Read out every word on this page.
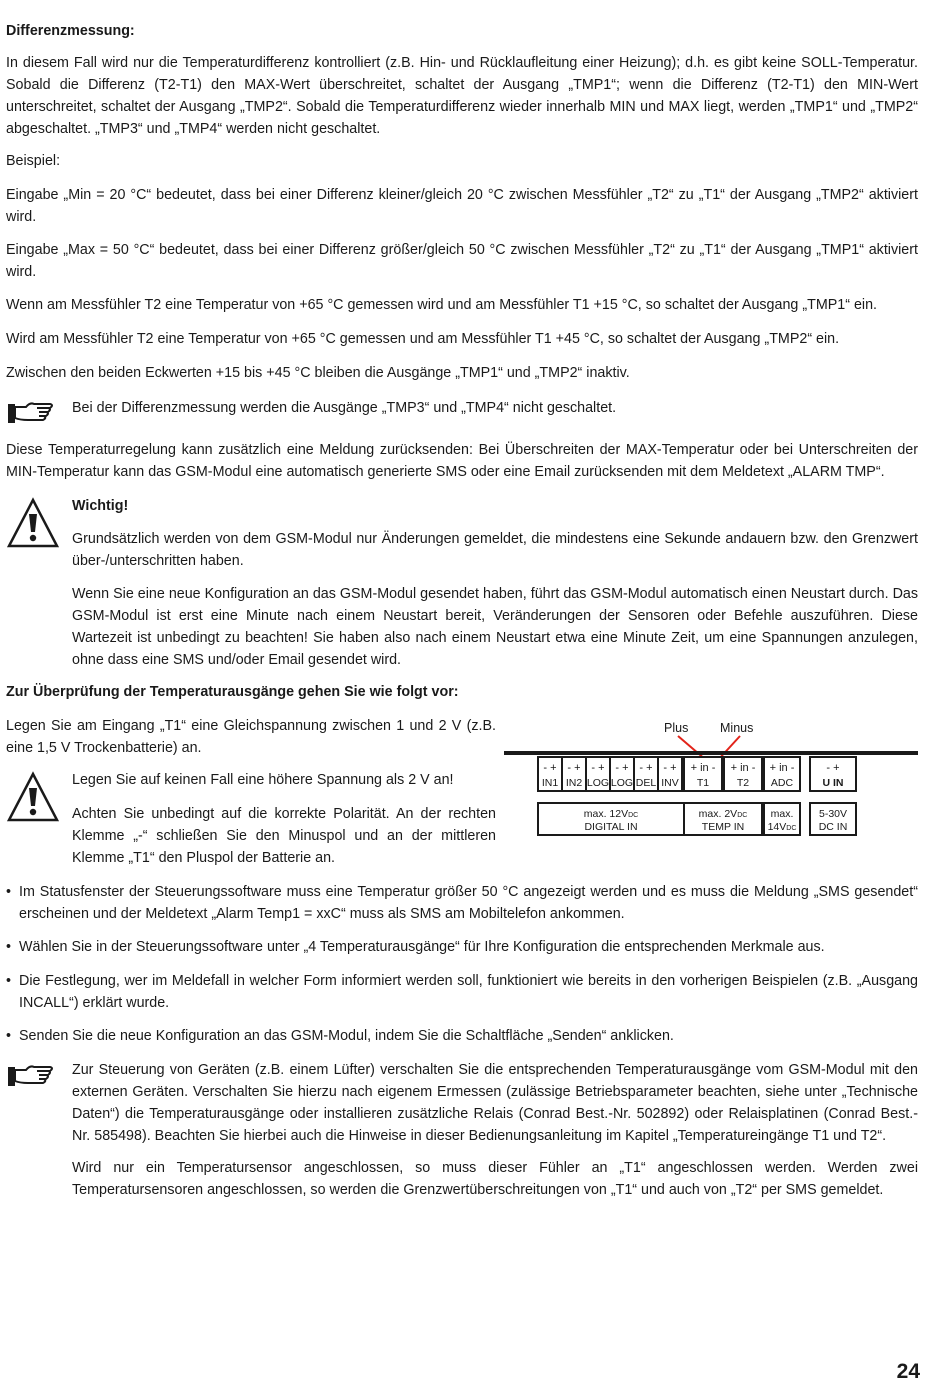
Differenzmessung:

In diesem Fall wird nur die Temperaturdifferenz kontrolliert (z.B. Hin- und Rücklaufleitung einer Heizung); d.h. es gibt keine SOLL-Temperatur. Sobald die Differenz (T2-T1) den MAX-Wert überschreitet, schaltet der Ausgang „TMP1“; wenn die Differenz (T2-T1) den MIN-Wert unterschreitet, schaltet der Ausgang „TMP2“. Sobald die Temperaturdifferenz wieder innerhalb MIN und MAX liegt, werden „TMP1“ und „TMP2“ abgeschaltet. „TMP3“ und „TMP4“ werden nicht geschaltet.

Beispiel:

Eingabe „Min = 20 °C“ bedeutet, dass bei einer Differenz kleiner/gleich 20 °C zwischen Messfühler „T2“ zu „T1“ der Ausgang „TMP2“ aktiviert wird.

Eingabe „Max = 50 °C“ bedeutet, dass bei einer Differenz größer/gleich 50 °C zwischen Messfühler „T2“ zu „T1“ der Ausgang „TMP1“ aktiviert wird.

Wenn am Messfühler T2 eine Temperatur von +65 °C gemessen wird und am Messfühler T1 +15 °C, so schaltet der Ausgang „TMP1“ ein.

Wird am Messfühler T2 eine Temperatur von +65 °C gemessen und am Messfühler T1 +45 °C, so schaltet der Ausgang „TMP2“ ein.

Zwischen den beiden Eckwerten +15 bis +45 °C bleiben die Ausgänge „TMP1“ und „TMP2“ inaktiv.

Bei der Differenzmessung werden die Ausgänge „TMP3“ und „TMP4“ nicht geschaltet.

Diese Temperaturregelung kann zusätzlich eine Meldung zurücksenden: Bei Überschreiten der MAX-Temperatur oder bei Unterschreiten der MIN-Temperatur kann das GSM-Modul eine automatisch generierte SMS oder eine Email zurücksenden mit dem Meldetext „ALARM TMP“.

Wichtig!

Grundsätzlich werden von dem GSM-Modul nur Änderungen gemeldet, die mindestens eine Sekunde andauern bzw. den Grenzwert über-/unterschritten haben.

Wenn Sie eine neue Konfiguration an das GSM-Modul gesendet haben, führt das GSM-Modul automatisch einen Neustart durch. Das GSM-Modul ist erst eine Minute nach einem Neustart bereit, Veränderungen der Sensoren oder Befehle auszuführen. Diese Wartezeit ist unbedingt zu beachten! Sie haben also nach einem Neustart etwa eine Minute Zeit, um eine Spannungen anzulegen, ohne dass eine SMS und/oder Email gesendet wird.

Zur Überprüfung der Temperaturausgänge gehen Sie wie folgt vor:

Legen Sie am Eingang „T1“ eine Gleichspannung zwischen 1 und 2 V (z.B. eine 1,5 V Trockenbatterie) an.

Legen Sie auf keinen Fall eine höhere Spannung als 2 V an!

Achten Sie unbedingt auf die korrekte Polarität. An der rechten Klemme „-“ schließen Sie den Minuspol und an der mittleren Klemme „T1“ den Pluspol der Batterie an.

Plus	Minus
- +
IN1
- +
IN2
- +
LOG
- +
LOG
- +
DEL
- +
INV
+ in -
T1
+ in -
T2
+ in -
ADC
- +
U IN
max. 12VDC
DIGITAL IN
max. 2VDC
TEMP IN
max.
14VDC
5-30V
DC IN
• Im Statusfenster der Steuerungssoftware muss eine Temperatur größer 50 °C angezeigt werden und es muss die Meldung „SMS gesendet“ erscheinen und der Meldetext „Alarm Temp1 = xxC“ muss als SMS am Mobiltelefon ankommen.
• Wählen Sie in der Steuerungssoftware unter „4 Temperaturausgänge“ für Ihre Konfiguration die entsprechenden Merkmale aus.
• Die Festlegung, wer im Meldefall in welcher Form informiert werden soll, funktioniert wie bereits in den vorherigen Beispielen (z.B. „Ausgang INCALL“) erklärt wurde.
• Senden Sie die neue Konfiguration an das GSM-Modul, indem Sie die Schaltfläche „Senden“ anklicken.

Zur Steuerung von Geräten (z.B. einem Lüfter) verschalten Sie die entsprechenden Temperaturausgänge vom GSM-Modul mit den externen Geräten. Verschalten Sie hierzu nach eigenem Ermessen (zulässige Betriebsparameter beachten, siehe unter „Technische Daten“) die Temperaturausgänge oder installieren zusätzliche Relais (Conrad Best.-Nr. 502892) oder Relaisplatinen (Conrad Best.-Nr. 585498). Beachten Sie hierbei auch die Hinweise in dieser Bedienungsanleitung im Kapitel „Temperatureingänge T1 und T2“.

Wird nur ein Temperatursensor angeschlossen, so muss dieser Fühler an „T1“ angeschlossen werden. Werden zwei Temperatursensoren angeschlossen, so werden die Grenzwertüberschreitungen von „T1“ und auch von „T2“ per SMS gemeldet.

24
